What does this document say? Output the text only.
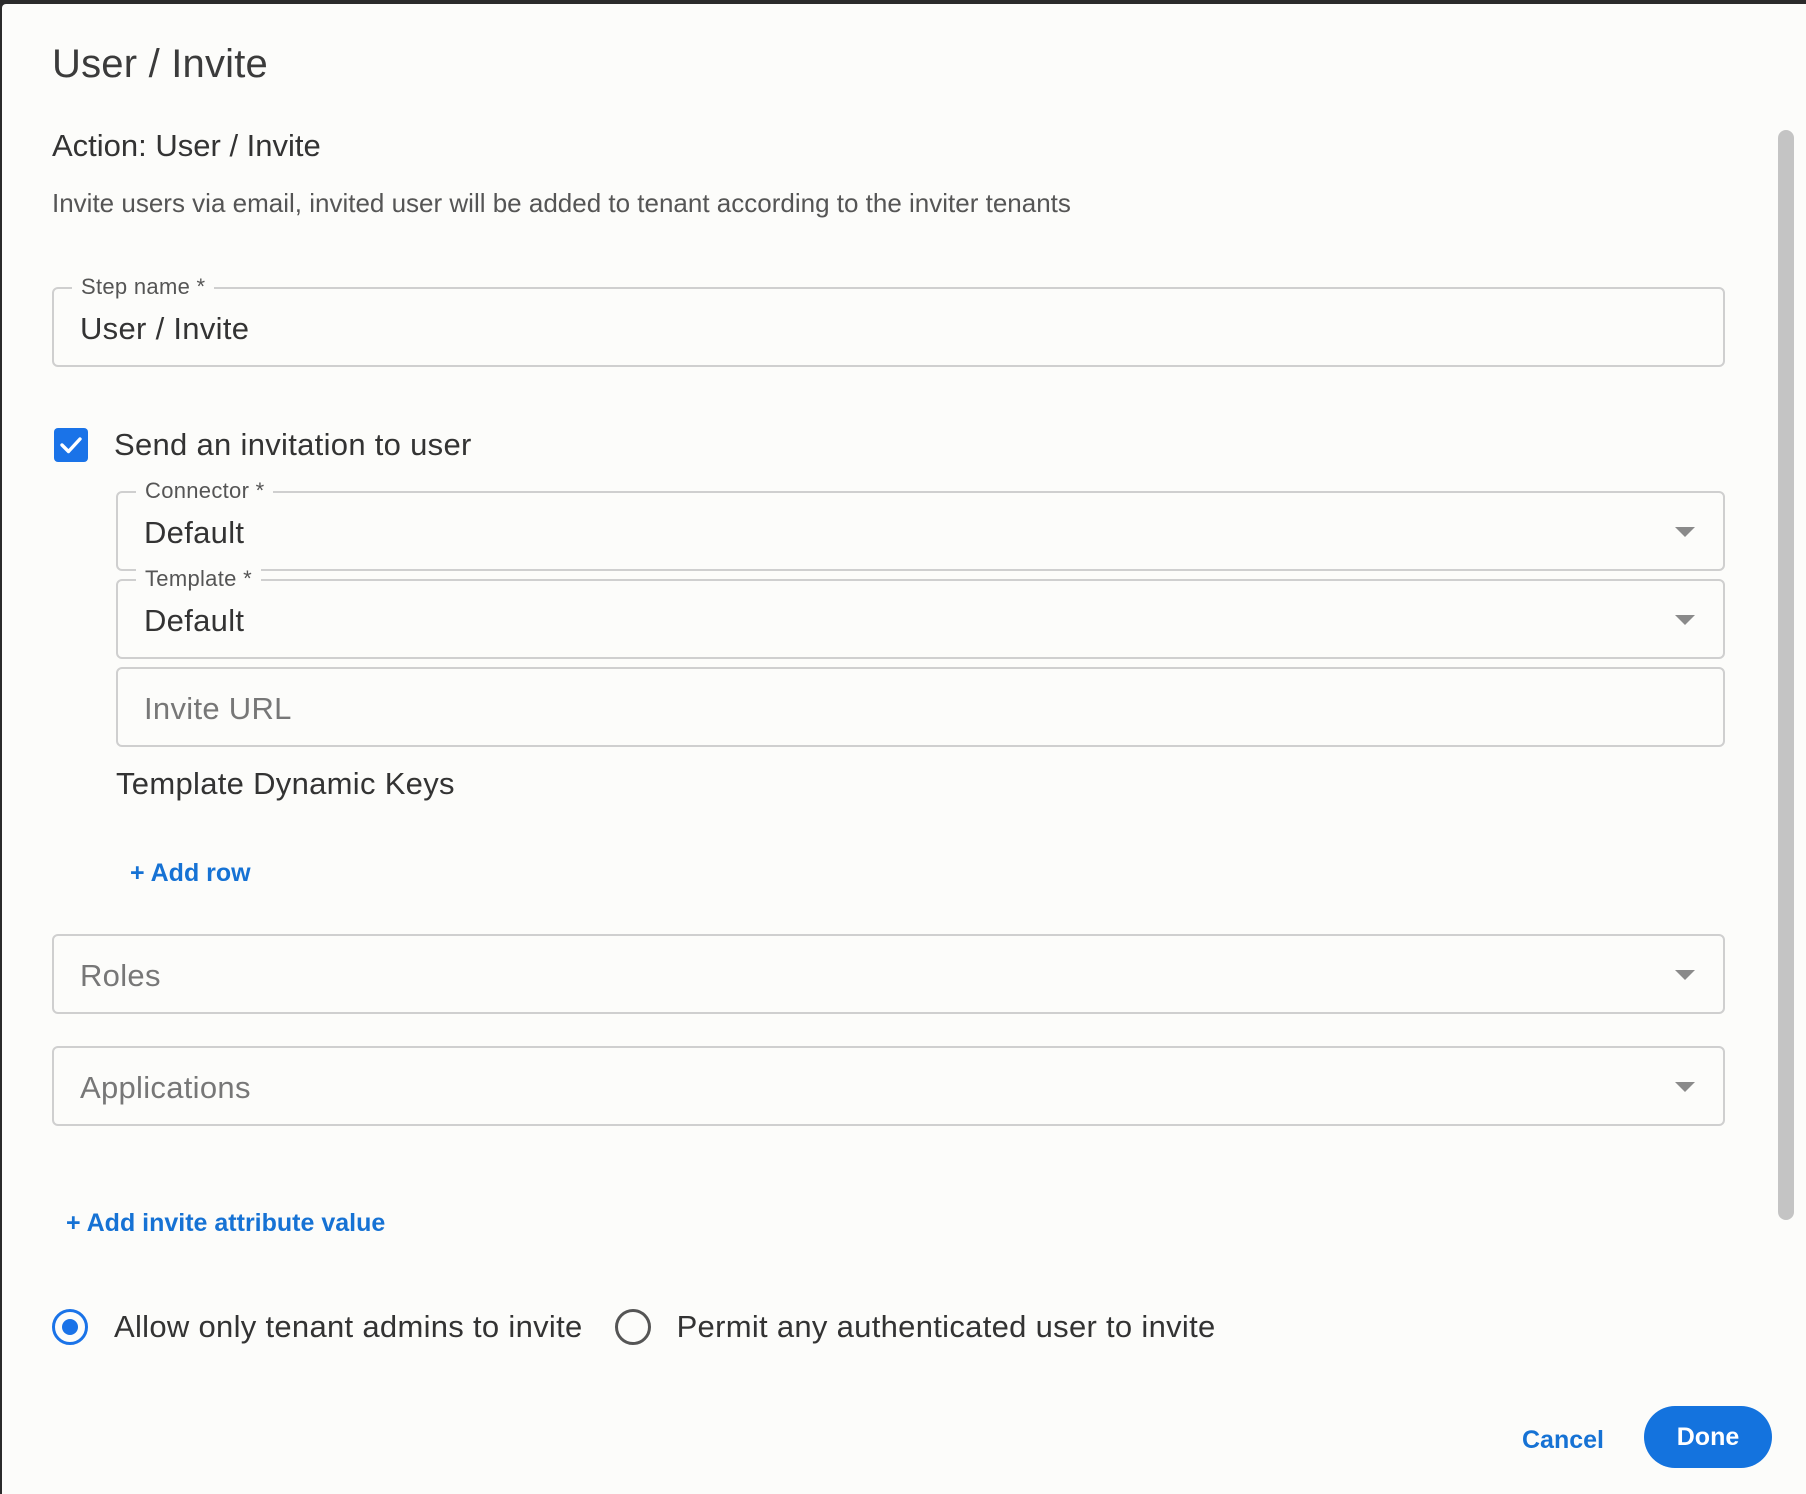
User / Invite
Action: User / Invite
Invite users via email, invited user will be added to tenant according to the inviter tenants
Step name *
User / Invite
Send an invitation to user
Connector *
Default
Template *
Default
Invite URL
Template Dynamic Keys
+ Add row
Roles
Applications
+ Add invite attribute value
Allow only tenant admins to invite	Permit any authenticated user to invite
Cancel	Done
